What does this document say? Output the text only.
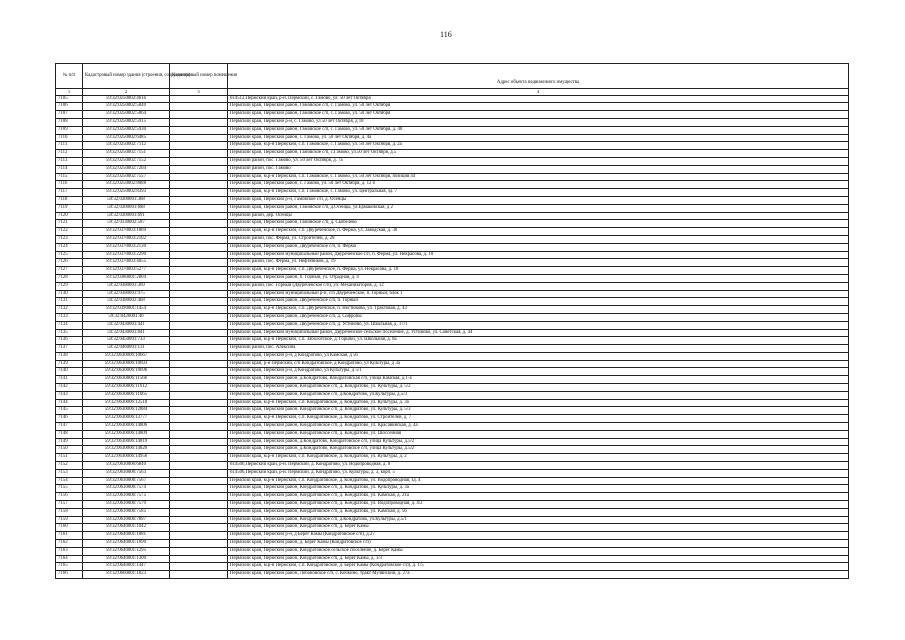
116
№ п/п	Кадастровый номер здания (строения, сооружения)	Кадастровый номер помещения	Адрес объекта недвижимого имущества
1	2	3	4
7105	59:32:0250002:4616		614512,Пермский край, р-н. Пермский, с. Гамово, ул. 50 лет Октября
7106	59:32:0250002:5840		Пермский край, Пермский район, Гамовское с/п, с. Гамово, ул. 50 лет Октября
7107	59:32:0250002:5864		Пермский край, Пермский район, Гамовское с/п, с. Гамово, ул. 50 лет Октября
7108	59:32:0250002:5915		Пермский край, Пермский р-н, с. Гамово, ул 50 лет Октября, д 18
7109	59:32:0250002:5930		Пермский край, Пермский район, Гамовское с/п, с. Гамово, ул. 50 лет Октября, д. 40
7110	59:32:0250002:6485		Пермский край, Пермский район, с. Гамово, ул. 50 лет Октября, д. 4а
7111	59:32:0250002:7112		Пермский край, м.р-н Пермский, с.п. Гамовское, с. Гамово, ул. 50 лет Октября, д. 2а
7112	59:32:0250002:7151		Пермский край, Пермский район, Гамовское с/п, с.Гамово, ул.50 лет Октября, д.5
7113	59:32:0250002:7152		Пермский район, пос. Гамово, ул. 50 лет Октября, д. 7а
7114	59:32:0250002:7204		Пермский район, пос. Гамово
7115	59:32:0250002:7557		Пермский край, м.р-н Пермский, с.п. Гамовское, с. Гамово, ул. 50 лет Октября, позиция 44
7116	59:32:0250002:8088		Пермский край, Пермский район, с. Гамово, ул. 50 лет Октября, д. 12 б
7117	59:32:0250002:8393		Пермский край, м.р-н Пермский, с.п. Гамовское, с. Гамово, ул. Центральная, зд. 7
7118	59:32:0300001:368		Пермский край, Пермский р-н, Гамовское с/п, д. Осенцы
7119	59:32:0300001:688		Пермский край, Пермский район, Гамовское с/п, д.Осенцы, ул.Ермаковская, д 2
7120	59:32:0300001:691		Пермский район, дер. Осенцы
7121	59:32:0330002:587		Пермский край, Пермский район, Гамовское с/п, д. Скобелево
7122	59:32:0370003:1869		Пермский край, м.р-н Пермский, с.п. Двуреченское, п. Ферма, ул. Заводская, д. 30
7123	59:32:0370003:2102		Пермский район, пос. Ферма, ул. Строителей, д. 28
7124	59:32:0370003:2130		Пермский край, Пермский район, Двуреченское с/п, п. Ферма
7125	59:32:0370003:2290		Пермский край, Пермский муниципальный район, Двуреченское с/п, п. Ферма, ул. Некрасова, д. 10
7126	59:32:0370003:4055		Пермский район, пос. Ферма, ул. Нефтяников, д. 19
7127	59:32:0370003:5277		Пермский край, м.р-н Пермский, с.п. Двуреченское, п. Ферма, ул. Некрасова, д. 18
7128	59:32:0380001:2804		Пермский край, Пермский район, п. Горный, ул. Отрадная, д. 4
7129	59:32:0380001:369		Пермский район, пос. Горный (Двуреченское с/п), ул. Механизаторов, д. 12
7130	59:32:0380001:975		Пермский край, Пермский муниципальный р-н, с/п Двуреченское, п. Горный, блок 1
7131	59:32:0380002:468		Пермский край, Пермский район, Двуреченское с/п, п. Горный
7132	59:32:0390001:1454		Пермский край, м.р-н Пермский, с.п. Двуреченское, п. Нестюково, ул. Трактовая, д. 43
7133	59:32:0420001:40		Пермский край, Пермский район, Двуреченское с/п, д. Софроны
7134	59:32:0430001:441		Пермский край, Пермский район, Двуреченское с/п, д. Устиново, ул. Школьная, д. 17/1
7135	59:32:0430001:841		Пермский край, Пермский муниципальный район, Двуреченское сельское поселение, д. Устиново, ул. Советская, д. 44
7136	59:32:0450001:733		Пермский край, м.р-н Пермский, с.п. Заболотское, д. Горшки, ул. Школьная, д. 8а
7137	59:32:0460001:131		Пермский район, пос. Алексина
7138	59:32:0630006:10667		Пермский край, Пермский р-н, д Кондратово, ул Камская, д 5б
7139	59:32:0630006:10693		Пермский край, р-н Пермский, с/п Кондратовское, д Кондратово, ул Культуры, д 3а
7140	59:32:0630006:10696		Пермский край, Пермский р-н, д Кондратово, ул Культуры, д 5/1
7141	59:32:0630006:11566		Пермский край, Пермский район, д.Кондратово, Кондратовская с/п, улица Камская, д.1-а
7142	59:32:0630006:11612		Пермский край, Пермский район, Кондратовское с/п, д. Кондратово, ул. Культуры, д. 5/2
7143	59:32:0630006:11665		Пермский край, Пермский район, Кондратовское с/п, д.Кондратово, ул.Культуры, д.5/3
7144	59:32:0630006:12518		Пермский край, м.р-н Пермский, с.п. Кондратовское, д. Кондратово, ул. Культуры, д. 3а
7145	59:32:0630006:12884		Пермский край, Пермский район, Кондратовское с/п, д. Кондратово, ул. Культуры, д. 5/3
7146	59:32:0630006:13777		Пермский край, м.р-н Пермский, с.п. Кондратовское, д. Кондратово, ул. Строителей, д. 7
7147	59:32:0630006:14806		Пермский край, Пермский район, Кондратовское с/п, д. Кондратово, ул. Красавинская, д. 4а
7148	59:32:0630006:14809		Пермский край, Пермский район, Кондратовское с/п, д. Кондратово, ул. Шоссейная
7149	59:32:0630006:14819		Пермский край, Пермский район, д.Кондратово, Кондратовское с/п, улица Культуры, д.5/2
7150	59:32:0630006:14820		Пермский край, Пермский район, д.Кондратово, Кондратовское с/п, улица Культуры, д.5/2
7151	59:32:0630006:14956		Пермский край, м.р-н Пермский, с.п. Кондратовское, д. Кондратово, ул. Культуры, д. 2
7152	59:32:0630006:6840		614506,Пермский край, р-н. Пермский, д. Кондратово, ул. Водопроводная, д. 8
7153	59:32:0630006:7563		614506,Пермский край, р-н. Пермский, д. Кондратово, ул. Культуры, д. 3, корп. 5
7154	59:32:0630006:7567		Пермский край, м.р-н Пермский, с.п. Кондратовское, д. Кондратово, ул. Водопроводная, зд. 4
7155	59:32:0630006:7574		Пермский край, Пермский район, Кондратовское с/п, д. Кондратово, ул. Культуры, д. 3а
7156	59:32:0630006:7575		Пермский край, Пермский район, Кондратовское с/п, д. Кондратово, ул. Камская, д. 21а
7157	59:32:0630006:7579		Пермский край, Пермский район, Кондратовское с/п, д. Кондратово, ул. Водопроводная, д. 4/2
7158	59:32:0630006:7585		Пермский край, Пермский район, Кондратовское с/п, д. Кондратово, ул. Камская, д. 5б
7159	59:32:0630006:7897		Пермский край, Пермский район, Кондратовское с/п, д.Кондратово, ул.Культуры, д.5/1
7160	59:32:0640001:1042		Пермский край, Пермский район, Кондратовское с/п, д. Берег Камы
7161	59:32:0640001:1081		Пермский край, Пермский р-н, д Берег Камы (Кондратовское с/п), д.27
7162	59:32:0640001:1090		Пермский край, Пермский район, д. Берег Камы (Кондратовское с/п)
7163	59:32:0640001:1295		Пермский край, Пермский район, Кондратовское сельское поселение, д. Берег Камы
7164	59:32:0640001:1300		Пермский край, Пермский район, Кондратовское с/п, д. Берег Камы, д. 1/3
7165	59:32:0640001:1447		Пермский край, м.р-н Пермский, с.п. Кондратовское, д. Берег Камы (Кондратовское с/п), д. 1/5
7166	59:32:0660001:1823		Пермский край, Пермский район, Лобановское с/п, с. Кочкино, тракт Мулянский, д. 27а
